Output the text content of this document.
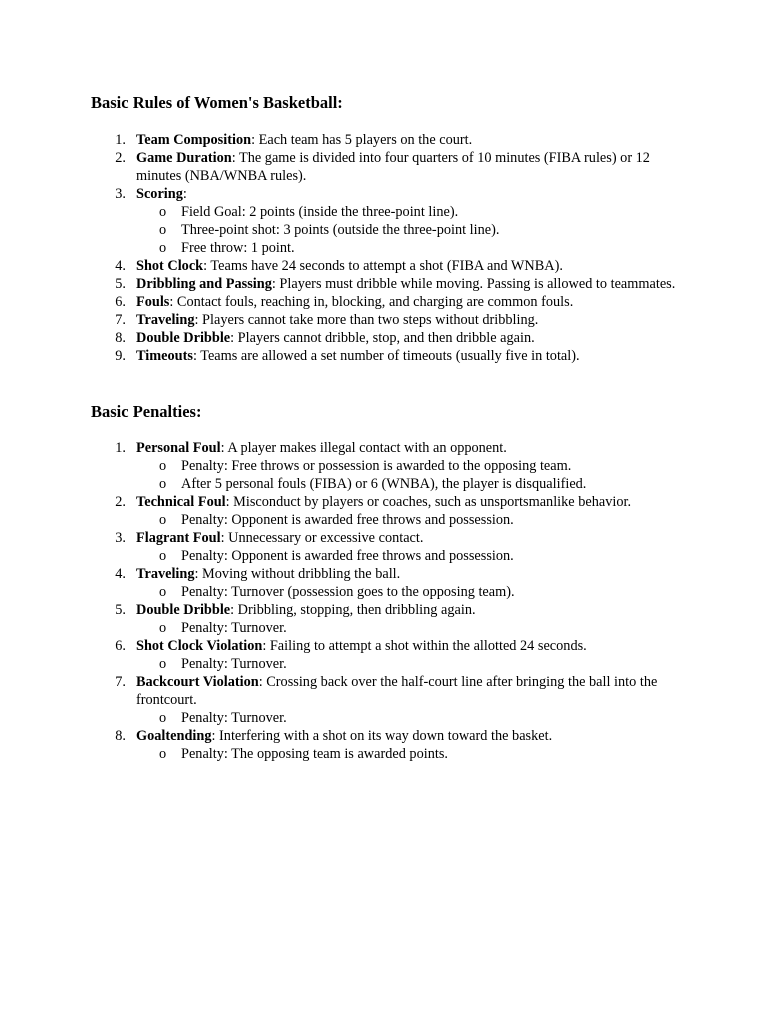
Basic Rules of Women's Basketball:
1. Team Composition: Each team has 5 players on the court.
2. Game Duration: The game is divided into four quarters of 10 minutes (FIBA rules) or 12 minutes (NBA/WNBA rules).
3. Scoring:
o Field Goal: 2 points (inside the three-point line).
o Three-point shot: 3 points (outside the three-point line).
o Free throw: 1 point.
4. Shot Clock: Teams have 24 seconds to attempt a shot (FIBA and WNBA).
5. Dribbling and Passing: Players must dribble while moving. Passing is allowed to teammates.
6. Fouls: Contact fouls, reaching in, blocking, and charging are common fouls.
7. Traveling: Players cannot take more than two steps without dribbling.
8. Double Dribble: Players cannot dribble, stop, and then dribble again.
9. Timeouts: Teams are allowed a set number of timeouts (usually five in total).
Basic Penalties:
1. Personal Foul: A player makes illegal contact with an opponent.
o Penalty: Free throws or possession is awarded to the opposing team.
o After 5 personal fouls (FIBA) or 6 (WNBA), the player is disqualified.
2. Technical Foul: Misconduct by players or coaches, such as unsportsmanlike behavior.
o Penalty: Opponent is awarded free throws and possession.
3. Flagrant Foul: Unnecessary or excessive contact.
o Penalty: Opponent is awarded free throws and possession.
4. Traveling: Moving without dribbling the ball.
o Penalty: Turnover (possession goes to the opposing team).
5. Double Dribble: Dribbling, stopping, then dribbling again.
o Penalty: Turnover.
6. Shot Clock Violation: Failing to attempt a shot within the allotted 24 seconds.
o Penalty: Turnover.
7. Backcourt Violation: Crossing back over the half-court line after bringing the ball into the frontcourt.
o Penalty: Turnover.
8. Goaltending: Interfering with a shot on its way down toward the basket.
o Penalty: The opposing team is awarded points.
